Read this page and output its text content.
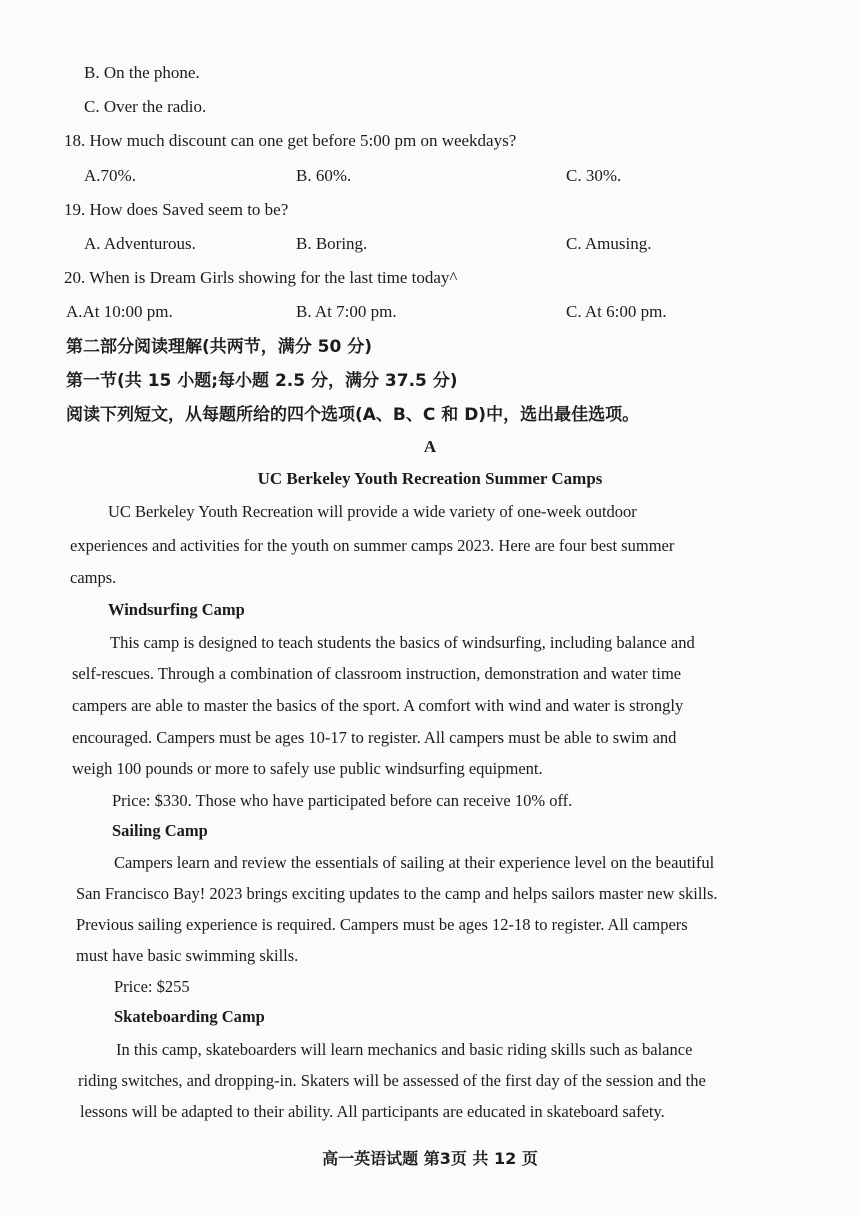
B. On the phone.
C. Over the radio.
18. How much discount can one get before 5:00 pm on weekdays?
A.70%.	B. 60%.	C. 30%.
19. How does Saved seem to be?
A. Adventurous.	B. Boring.	C. Amusing.
20. When is Dream Girls showing for the last time today^
A.At 10:00 pm.	B. At 7:00 pm.	C. At 6:00 pm.
第二部分阅读理解(共两节，满分 50 分)
第一节(共 15 小题;每小题 2.5 分，满分 37.5 分)
阅读下列短文，从每题所给的四个选项(A、B、C 和 D)中，选出最佳选项。
A
UC Berkeley Youth Recreation Summer Camps
UC Berkeley Youth Recreation will provide a wide variety of one-week outdoor
experiences and activities for the youth on summer camps 2023. Here are four best summer
camps.
Windsurfing Camp
This camp is designed to teach students the basics of windsurfing, including balance and
self-rescues. Through a combination of classroom instruction, demonstration and water time
campers are able to master the basics of the sport. A comfort with wind and water is strongly
encouraged. Campers must be ages 10-17 to register. All campers must be able to swim and
weigh 100 pounds or more to safely use public windsurfing equipment.
Price: $330. Those who have participated before can receive 10% off.
Sailing Camp
Campers learn and review the essentials of sailing at their experience level on the beautiful
San Francisco Bay! 2023 brings exciting updates to the camp and helps sailors master new skills.
Previous sailing experience is required. Campers must be ages 12-18 to register. All campers
must have basic swimming skills.
Price: $255
Skateboarding Camp
In this camp, skateboarders will learn mechanics and basic riding skills such as balance
riding switches, and dropping-in. Skaters will be assessed of the first day of the session and the
lessons will be adapted to their ability. All participants are educated in skateboard safety.
高一英语试题 第3页 共 12 页
